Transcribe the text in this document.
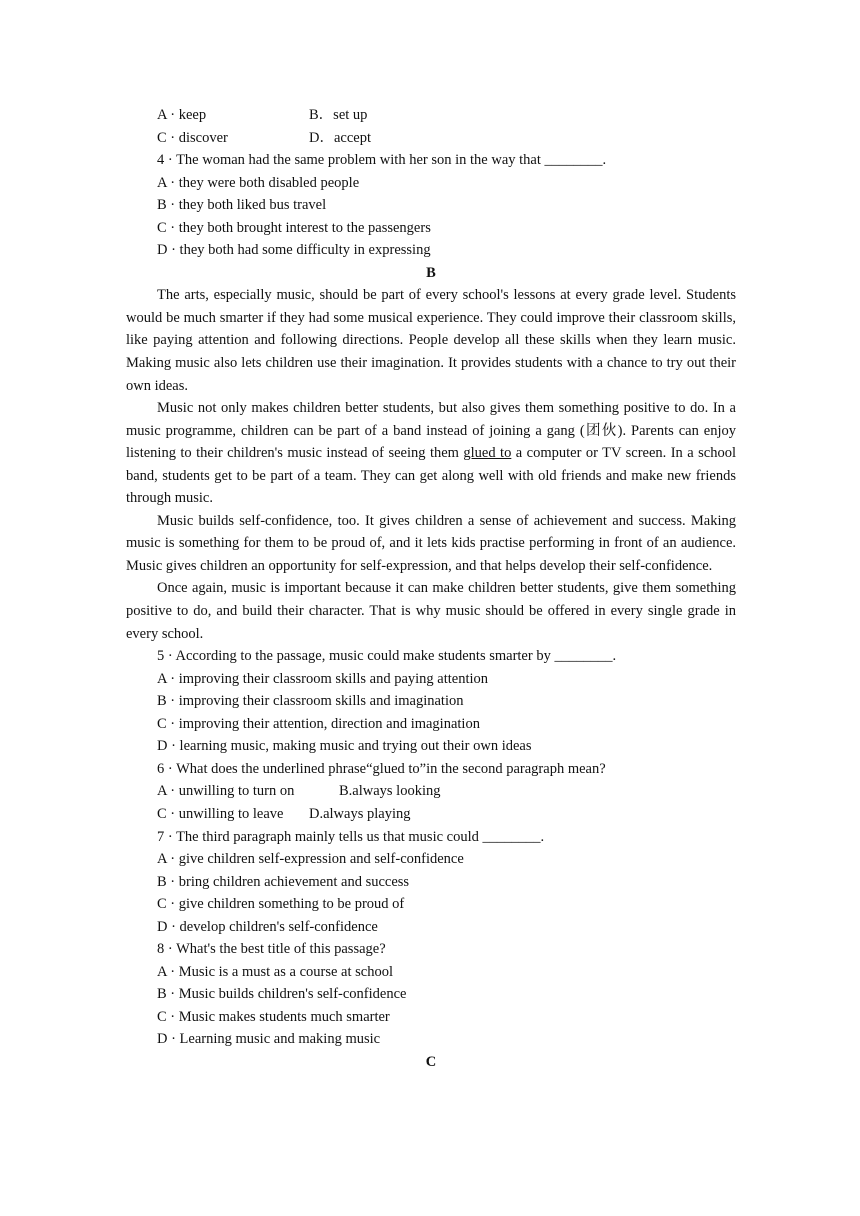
A · keep	B．set up
C · discover	D．accept
4 · The woman had the same problem with her son in the way that ________.
A · they were both disabled people
B · they both liked bus travel
C · they both brought interest to the passengers
D · they both had some difficulty in expressing
B

The arts, especially music, should be part of every school's lessons at every grade level. Students would be much smarter if they had some musical experience. They could improve their classroom skills, like paying attention and following directions. People develop all these skills when they learn music. Making music also lets children use their imagination. It provides students with a chance to try out their own ideas.

Music not only makes children better students, but also gives them something positive to do. In a music programme, children can be part of a band instead of joining a gang (团伙). Parents can enjoy listening to their children's music instead of seeing them glued to a computer or TV screen. In a school band, students get to be part of a team. They can get along well with old friends and make new friends through music.

Music builds self‑confidence, too. It gives children a sense of achievement and success. Making music is something for them to be proud of, and it lets kids practise performing in front of an audience. Music gives children an opportunity for self-expression, and that helps develop their self‑confidence.

Once again, music is important because it can make children better students, give them something positive to do, and build their character. That is why music should be offered in every single grade in every school.

5 · According to the passage, music could make students smarter by ________.
A · improving their classroom skills and paying attention
B · improving their classroom skills and imagination
C · improving their attention, direction and imagination
D · learning music, making music and trying out their own ideas
6 · What does the underlined phrase“glued to”in the second paragraph mean?
A · unwilling to turn on	B.always looking
C · unwilling to leave	D.always playing
7 · The third paragraph mainly tells us that music could ________.
A · give children self-expression and self-confidence
B · bring children achievement and success
C · give children something to be proud of
D · develop children's self‑confidence
8 · What's the best title of this passage?
A · Music is a must as a course at school
B · Music builds children's self‑confidence
C · Music makes students much smarter
D · Learning music and making music
C
